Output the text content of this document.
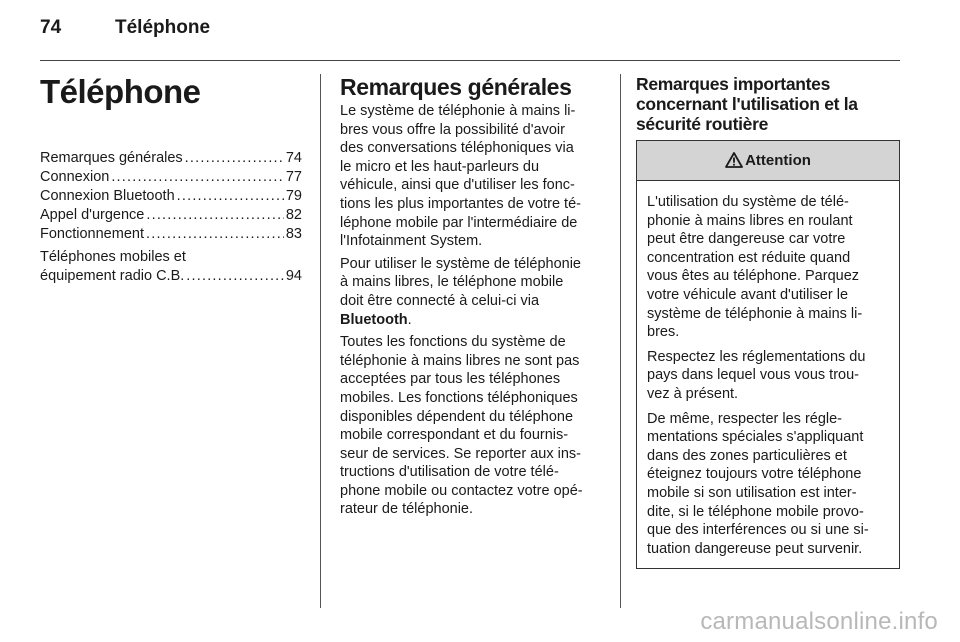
74	Téléphone
Téléphone
Remarques générales .....	74
Connexion .....	77
Connexion Bluetooth .....	79
Appel d'urgence .....	82
Fonctionnement .....	83
Téléphones mobiles et
équipement radio C.B. .....	94
Remarques générales

Le système de téléphonie à mains li-
bres vous offre la possibilité d'avoir
des conversations téléphoniques via
le micro et les haut-parleurs du
véhicule, ainsi que d'utiliser les fonc-
tions les plus importantes de votre té-
léphone mobile par l'intermédiaire de
l'Infotainment System.

Pour utiliser le système de téléphonie
à mains libres, le téléphone mobile
doit être connecté à celui-ci via
Bluetooth.

Toutes les fonctions du système de
téléphonie à mains libres ne sont pas
acceptées par tous les téléphones
mobiles. Les fonctions téléphoniques
disponibles dépendent du téléphone
mobile correspondant et du fournis-
seur de services. Se reporter aux ins-
tructions d'utilisation de votre télé-
phone mobile ou contactez votre opé-
rateur de téléphonie.

Remarques importantes
concernant l'utilisation et la
sécurité routière
Attention

L'utilisation du système de télé-
phonie à mains libres en roulant
peut être dangereuse car votre
concentration est réduite quand
vous êtes au téléphone. Parquez
votre véhicule avant d'utiliser le
système de téléphonie à mains li-
bres.

Respectez les réglementations du
pays dans lequel vous vous trou-
vez à présent.

De même, respecter les régle-
mentations spéciales s'appliquant
dans des zones particulières et
éteignez toujours votre téléphone
mobile si son utilisation est inter-
dite, si le téléphone mobile provo-
que des interférences ou si une si-
tuation dangereuse peut survenir.

carmanualsonline.info
